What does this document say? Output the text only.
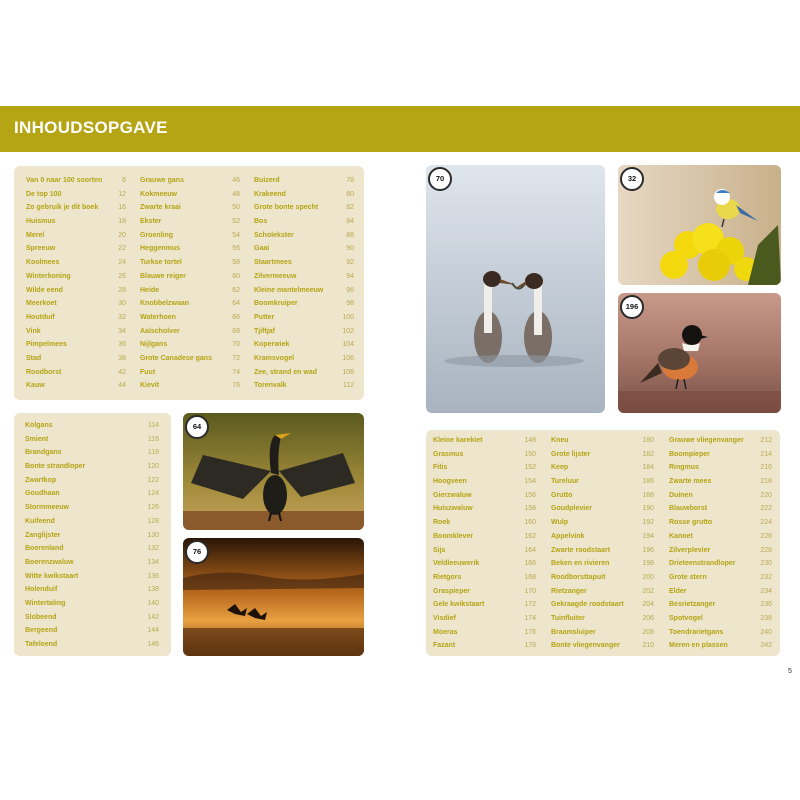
INHOUDSOPGAVE
Van 0 naar 100 soorten	6
De top 100	12
Zo gebruik je dit boek	16
Huismus	18
Merel	20
Spreeuw	22
Koolmees	24
Winterkoning	26
Wilde eend	28
Meerkoet	30
Houtduif	32
Vink	34
Pimpelmees	36
Stad	38
Roodborst	42
Kauw	44
Grauwe gans	46
Kokmeeuw	48
Zwarte kraai	50
Ekster	52
Groenling	54
Heggenmus	56
Turkse tortel	58
Blauwe reiger	60
Heide	62
Knobbelzwaan	64
Waterhoen	66
Aalscholver	68
Nijlgans	70
Grote Canadese gans	72
Fuut	74
Kievit	76
Buizerd	78
Krakeend	80
Grote bonte specht	82
Bos	84
Scholekster	88
Gaai	90
Staartmees	92
Zilvermeeuw	94
Kleine mantelmeeuw	96
Boomkruiper	98
Putter	100
Tjiftjaf	102
Koperwiek	104
Kramsvogel	106
Zee, strand en wad	108
Torenvalk	112
Kolgans	114
Smient	116
Brandgans	118
Bonte strandloper	120
Zwartkop	122
Goudhaan	124
Stormmeeuw	126
Kuifeend	128
Zanglijster	130
Boerenland	132
Boerenzwaluw	134
Witte kwikstaart	136
Holenduif	138
Wintertaling	140
Slobeend	142
Bergeend	144
Tafeleend	146
Kleine karekiet	148
Grasmus	150
Fitis	152
Hoogveen	154
Gierzwaluw	156
Huiszwaluw	158
Roek	160
Boomklever	162
Sijs	164
Veldleeuwerik	166
Rietgors	168
Graspieper	170
Gele kwikstaart	172
Visdief	174
Moeras	176
Fazant	178
Kneu	180
Grote lijster	182
Keep	184
Tureluur	186
Grutto	188
Goudplevier	190
Wulp	192
Appelvink	194
Zwarte roodstaart	196
Beken en rivieren	198
Roodborsttapuit	200
Rietzanger	202
Gekraagde roodstaart	204
Tuinfluiter	206
Braamsluiper	208
Bonte vliegenvanger	210
Grauwe vliegenvanger 212
Boompieper	214
Ringmus	216
Zwarte mees	218
Duinen	220
Blauwborst	222
Rosse grutto	224
Kanoet	226
Zilverplevier	228
Drieteenstrandloper	230
Grote stern	232
Elder	234
Besrietzanger	236
Spotvogel	238
Toendrarietgans	240
Meren en plassen	242
64
76
70	32
196
5
